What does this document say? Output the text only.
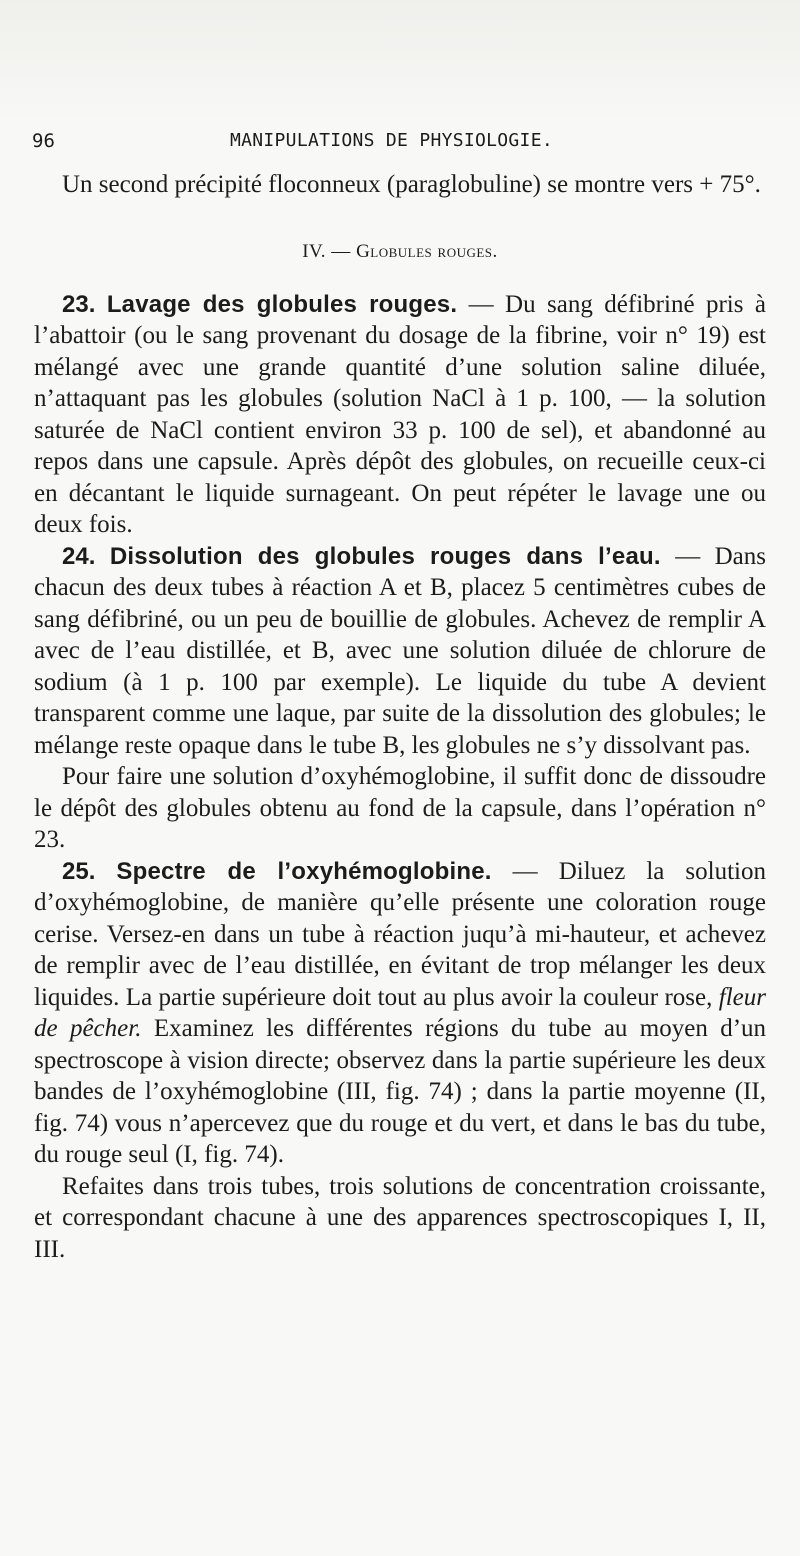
96	MANIPULATIONS DE PHYSIOLOGIE.

Un second précipité floconneux (paraglobuline) se montre vers + 75°.

IV. — Globules rouges.

23. Lavage des globules rouges. — Du sang défibriné pris à l’abattoir (ou le sang provenant du dosage de la fibrine, voir n° 19) est mélangé avec une grande quantité d’une solution saline diluée, n’attaquant pas les globules (solution NaCl à 1 p. 100, — la solution saturée de NaCl contient environ 33 p. 100 de sel), et abandonné au repos dans une capsule. Après dépôt des globules, on recueille ceux-ci en décantant le liquide surnageant. On peut répéter le lavage une ou deux fois.

24. Dissolution des globules rouges dans l’eau. — Dans chacun des deux tubes à réaction A et B, placez 5 centimètres cubes de sang défibriné, ou un peu de bouillie de globules. Achevez de remplir A avec de l’eau distillée, et B, avec une solution diluée de chlorure de sodium (à 1 p. 100 par exemple). Le liquide du tube A devient transparent comme une laque, par suite de la dissolution des globules; le mélange reste opaque dans le tube B, les globules ne s’y dissolvant pas.

Pour faire une solution d’oxyhémoglobine, il suffit donc de dissoudre le dépôt des globules obtenu au fond de la capsule, dans l’opération n° 23.

25. Spectre de l’oxyhémoglobine. — Diluez la solution d’oxyhémoglobine, de manière qu’elle présente une coloration rouge cerise. Versez-en dans un tube à réaction juqu’à mi-hauteur, et achevez de remplir avec de l’eau distillée, en évitant de trop mélanger les deux liquides. La partie supérieure doit tout au plus avoir la couleur rose, fleur de pêcher. Examinez les différentes régions du tube au moyen d’un spectroscope à vision directe; observez dans la partie supérieure les deux bandes de l’oxyhémoglobine (III, fig. 74) ; dans la partie moyenne (II, fig. 74) vous n’apercevez que du rouge et du vert, et dans le bas du tube, du rouge seul (I, fig. 74).

Refaites dans trois tubes, trois solutions de concentration croissante, et correspondant chacune à une des apparences spectroscopiques I, II, III.
